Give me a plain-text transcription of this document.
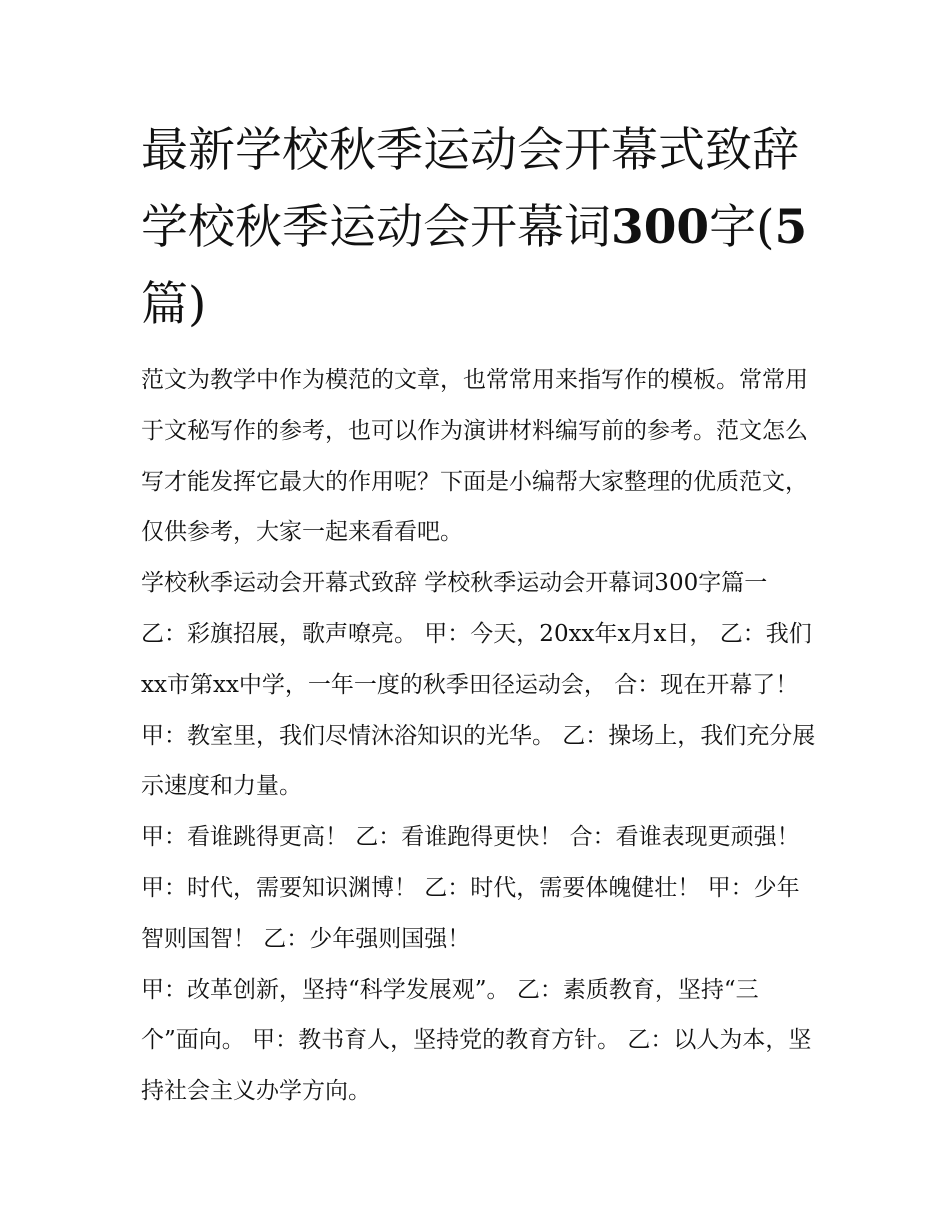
最新学校秋季运动会开幕式致辞 学校秋季运动会开幕词300字(5篇)

范文为教学中作为模范的文章，也常常用来指写作的模板。常常用于文秘写作的参考，也可以作为演讲材料编写前的参考。范文怎么写才能发挥它最大的作用呢？下面是小编帮大家整理的优质范文，仅供参考，大家一起来看看吧。

学校秋季运动会开幕式致辞 学校秋季运动会开幕词300字篇一 乙：彩旗招展，歌声嘹亮。 甲：今天，20xx年x月x日， 乙：我们xx市第xx中学，一年一度的秋季田径运动会， 合：现在开幕了！ 甲：教室里，我们尽情沐浴知识的光华。 乙：操场上，我们充分展示速度和力量。

甲：看谁跳得更高！ 乙：看谁跑得更快！ 合：看谁表现更顽强！ 甲：时代，需要知识渊博！ 乙：时代，需要体魄健壮！ 甲：少年智则国智！ 乙：少年强则国强！

甲：改革创新，坚持“科学发展观”。 乙：素质教育，坚持“三个”面向。 甲：教书育人，坚持党的教育方针。 乙：以人为本，坚持社会主义办学方向。
